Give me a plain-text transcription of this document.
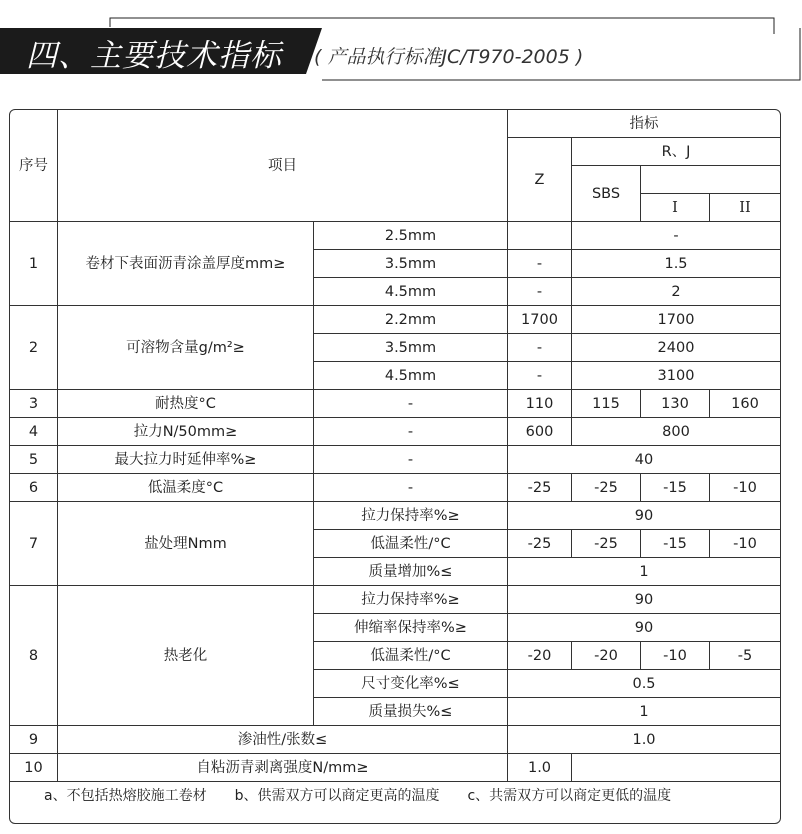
四、主要技术指标 ( 产品执行标准JC/T970-2005 )
序号	项目		指标			
			Z	R、J		
				SBS		
					I	II
1	卷材下表面沥青涂盖厚度mm≥	2.5mm		-		
		3.5mm	-	1.5		
		4.5mm	-	2		
2	可溶物含量g/m²≥	2.2mm	1700	1700		
		3.5mm	-	2400		
		4.5mm	-	3100		
3	耐热度°C	-	110	115	130	160
4	拉力N/50mm≥	-	600	800		
5	最大拉力时延伸率%≥	-	40			
6	低温柔度°C	-	-25	-25	-15	-10
7	盐处理Nmm	拉力保持率%≥	90			
		低温柔性/°C	-25	-25	-15	-10
		质量增加%≤	1			
8	热老化	拉力保持率%≥	90			
		伸缩率保持率%≥	90			
		低温柔性/°C	-20	-20	-10	-5
		尺寸变化率%≤	0.5			
		质量损失%≤	1			
9	渗油性/张数≤		1.0			
10	自粘沥青剥离强度N/mm≥		1.0			
a、不包括热熔胶施工卷材　　b、供需双方可以商定更高的温度　　c、共需双方可以商定更低的温度						
